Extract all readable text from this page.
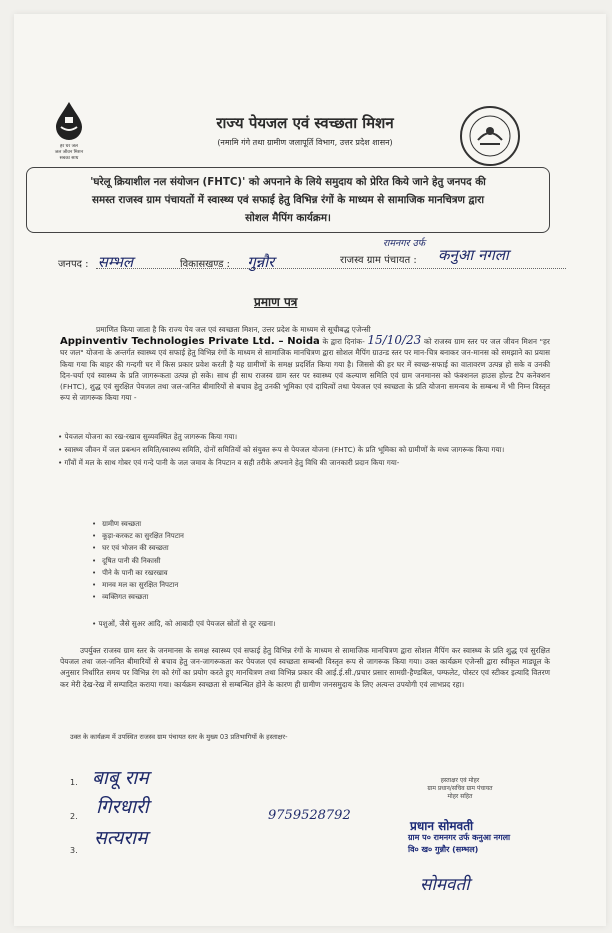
हर घर जल
जल जीवन मिशन
सबका साथ
राज्य पेयजल एवं स्वच्छता मिशन
(नमामि गंगे तथा ग्रामीण जलापूर्ति विभाग, उत्तर प्रदेश शासन)
'घरेलू क्रियाशील नल संयोजन (FHTC)' को अपनाने के लिये समुदाय को प्रेरित किये जाने हेतु जनपद की
समस्त राजस्व ग्राम पंचायतों में स्वास्थ्य एवं सफाई हेतु विभिन्न रंगों के माध्यम से सामाजिक मानचित्रण द्वारा
सोशल मैपिंग कार्यक्रम।
जनपद : सम्भल	विकासखण्ड : गुन्नौर	राजस्व ग्राम पंचायत :
रामनगर उर्फ
कनुआ नगला
प्रमाण पत्र
प्रमाणित किया जाता है कि राज्य पेय जल एवं स्वच्छता मिशन, उत्तर प्रदेश के माध्यम से सूचीबद्ध एजेन्सी
Appinventiv Technologies Private Ltd. – Noida के द्वारा दिनांक- 15/10/23 को राजस्व ग्राम स्तर पर जल जीवन मिशन "हर घर जल" योजना के अन्तर्गत स्वास्थ्य एवं सफाई हेतु विभिन्न रंगों के माध्यम से सामाजिक मानचित्रण द्वारा सोशल मैपिंग ग्राउन्ड स्तर पर मान-चित्र बनाकर जन-मानस को समझाने का प्रयास किया गया कि बाहर की गन्दगी घर में किस प्रकार प्रवेश करती है यह ग्रामीणों के समक्ष प्रदर्शित किया गया है। जिससे की हर घर में स्वच्छ-सफाई का वातावरण उत्पन्न हो सके व उनकी दिन-चर्या एवं स्वास्थ्य के प्रति जागरूकता उत्पन्न हो सके। साथ ही साथ राजस्व ग्राम स्तर पर स्वास्थ्य एवं कल्याण समिति एवं ग्राम जनमानस को फंक्शनल हाउस होल्ड टैप कनेक्शन (FHTC), शुद्ध एवं सुरक्षित पेयजल तथा जल-जनित बीमारियों से बचाव हेतु उनकी भूमिका एवं दायित्वों तथा पेयजल एवं स्वच्छता के प्रति योजना समन्वय के सम्बन्ध में भी निम्न विस्तृत रूप से जागरूक किया गया -
• पेयजल योजना का रख-रखाव सुव्यवस्थित हेतु जागरूक किया गया।
• स्वास्थ्य जीवन में जल प्रबन्धन समिति/स्वास्थ्य समिति, दोनों समितियों को संयुक्त रूप से पेयजल योजना (FHTC) के प्रति भूमिका को ग्रामीणों के मध्य जागरूक किया गया।
• गाँवों में मल के साथ गोबर एवं गन्दे पानी के जल जमाव के निपटान व सही तरीके अपनाने हेतु विधि की जानकारी प्रदान किया गया-
• ग्रामीण स्वच्छता
• कूड़ा-करकट का सुरक्षित निपटान
• घर एवं भोजन की स्वच्छता
• दूषित पानी की निकासी
• पीने के पानी का रखरखाव
• मानव मल का सुरक्षित निपटान
• व्यक्तिगत स्वच्छता
• पशुओं, जैसे सुअर आदि, को आबादी एवं पेयजल स्रोतों से दूर रखना।
उपर्युक्त राजस्व ग्राम स्तर के जनमानस के समक्ष स्वास्थ्य एवं सफाई हेतु विभिन्न रंगों के माध्यम से सामाजिक मानचित्रण द्वारा सोशल मैपिंग कर स्वास्थ्य के प्रति शुद्ध एवं सुरक्षित पेयजल तथा जल-जनित बीमारियों से बचाव हेतु जन-जागरूकता कर पेयजल एवं स्वच्छता सम्बन्धी विस्तृत रूप से जागरूक किया गया। उक्त कार्यक्रम एजेन्सी द्वारा स्वीकृत माड्यूल के अनुसार निर्धारित समय पर विभिन्न रंग को रंगों का प्रयोग करते हुए मानचित्रण तथा विभिन्न प्रकार की आई.ई.सी./प्रचार प्रसार सामग्री-हैण्डबिल, पम्फलेट, पोस्टर एवं स्टीकर इत्यादि वितरण कर मेरी देख-रेख में सम्पादित कराया गया। कार्यक्रम स्वच्छता से सम्बन्धित होने के कारण ही ग्रामीण जनसमुदाय के लिए अत्यन्त उपयोगी एवं लाभप्रद रहा।
उक्त के कार्यक्रम में उपस्थित राजस्व ग्राम पंचायत स्तर के मुख्य 03 प्रतिभागियों के हस्ताक्षर-
1. बाबू राम
2. गिरधारी
3.
सत्यराम
9759528792
हस्ताक्षर एवं मोहर
ग्राम प्रधान/सचिव ग्राम पंचायत
मोहर सहित
प्रधान सोमवती
ग्राम प० रामनगर उर्फ कनुआ नगला
वि० ख० गुन्नौर (सम्भल)
सोमवती
